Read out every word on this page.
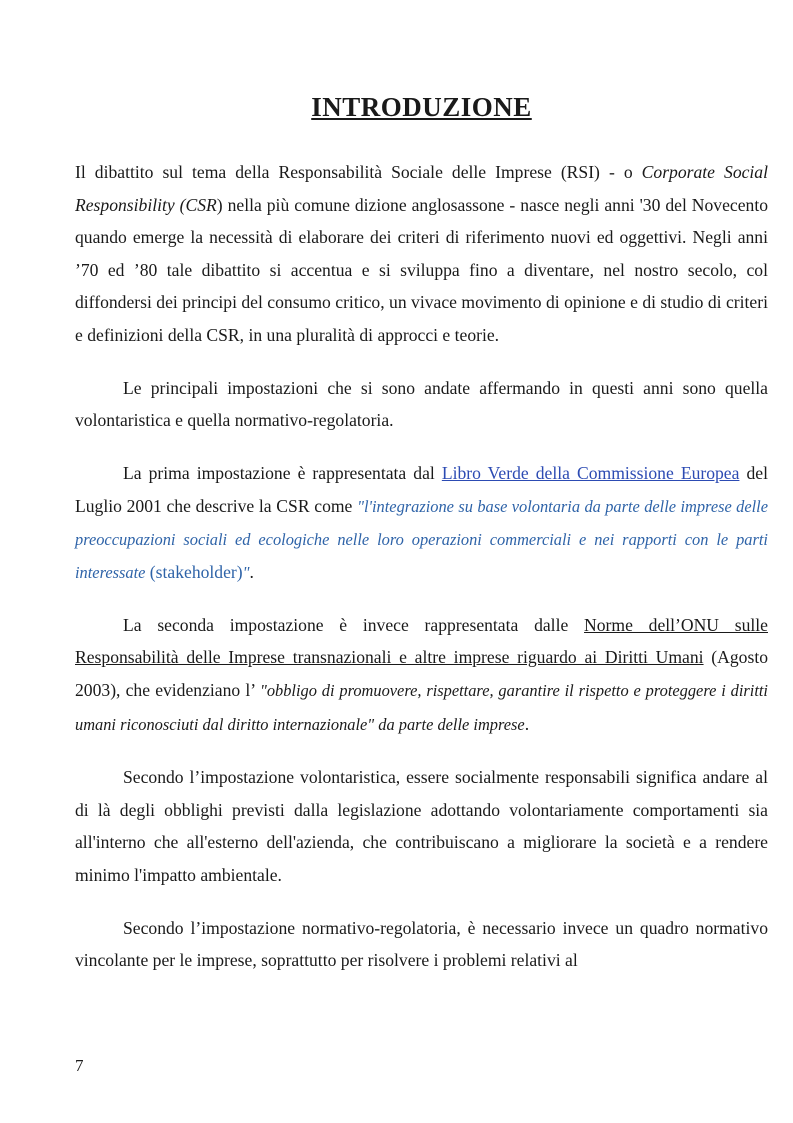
INTRODUZIONE

Il dibattito sul tema della Responsabilità Sociale delle Imprese (RSI) - o Corporate Social Responsibility (CSR) nella più comune dizione anglosassone - nasce negli anni '30 del Novecento quando emerge la necessità di elaborare dei criteri di riferimento nuovi ed oggettivi. Negli anni ’70 ed ’80 tale dibattito si accentua e si sviluppa fino a diventare, nel nostro secolo, col diffondersi dei principi del consumo critico, un vivace movimento di opinione e di studio di criteri e definizioni della CSR, in una pluralità di approcci e teorie.

Le principali impostazioni che si sono andate affermando in questi anni sono quella volontaristica e quella normativo-regolatoria.

La prima impostazione è rappresentata dal Libro Verde della Commissione Europea del Luglio 2001 che descrive la CSR come "l'integrazione su base volontaria da parte delle imprese delle preoccupazioni sociali ed ecologiche nelle loro operazioni commerciali e nei rapporti con le parti interessate (stakeholder)".

La seconda impostazione è invece rappresentata dalle Norme dell’ONU sulle Responsabilità delle Imprese transnazionali e altre imprese riguardo ai Diritti Umani (Agosto 2003), che evidenziano l’ "obbligo di promuovere, rispettare, garantire il rispetto e proteggere i diritti umani riconosciuti dal diritto internazionale" da parte delle imprese.

Secondo l’impostazione volontaristica, essere socialmente responsabili significa andare al di là degli obblighi previsti dalla legislazione adottando volontariamente comportamenti sia all'interno che all'esterno dell'azienda, che contribuiscano a migliorare la società e a rendere minimo l'impatto ambientale.

Secondo l’impostazione normativo-regolatoria, è necessario invece un quadro normativo vincolante per le imprese, soprattutto per risolvere i problemi relativi al

7
